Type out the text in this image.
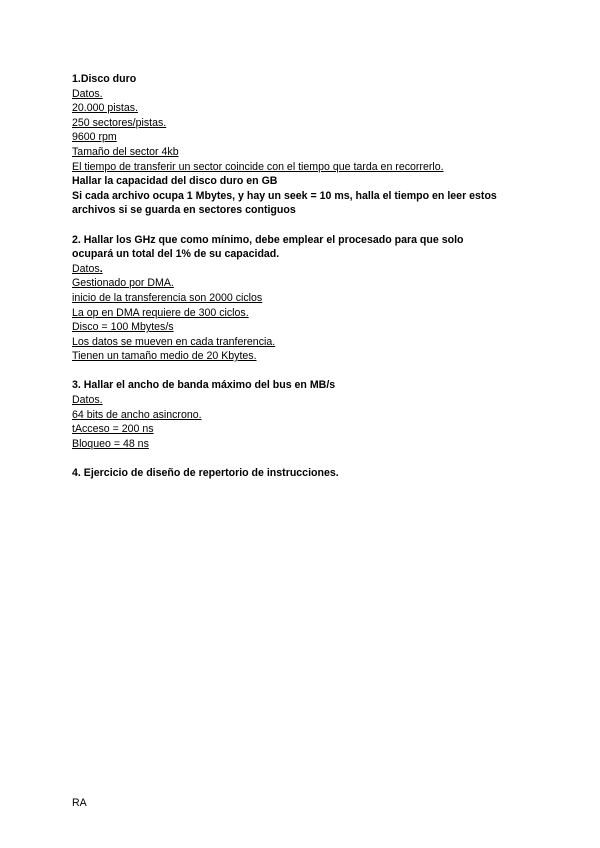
1.Disco duro
Datos.
20.000 pistas.
250 sectores/pistas.
9600 rpm
Tamaño del sector 4kb
El tiempo de transferir un sector coincide con el tiempo que tarda en recorrerlo.
Hallar la capacidad del disco duro en GB
Si cada archivo ocupa 1 Mbytes, y hay un seek = 10 ms, halla el tiempo en leer estos
archivos si se guarda en sectores contiguos
2. Hallar los GHz que como mínimo, debe emplear el procesado para que solo
ocupará un total del 1% de su capacidad.
Datos.
Gestionado por DMA.
inicio de la transferencia son 2000 ciclos
La op en DMA requiere de 300 ciclos.
Disco = 100 Mbytes/s
Los datos se mueven en cada tranferencia.
Tienen un tamaño medio de 20 Kbytes.
3. Hallar el ancho de banda máximo del bus en MB/s
Datos.
64 bits de ancho asincrono.
tAcceso = 200 ns
Bloqueo = 48 ns
4. Ejercicio de diseño de repertorio de instrucciones.
RA
